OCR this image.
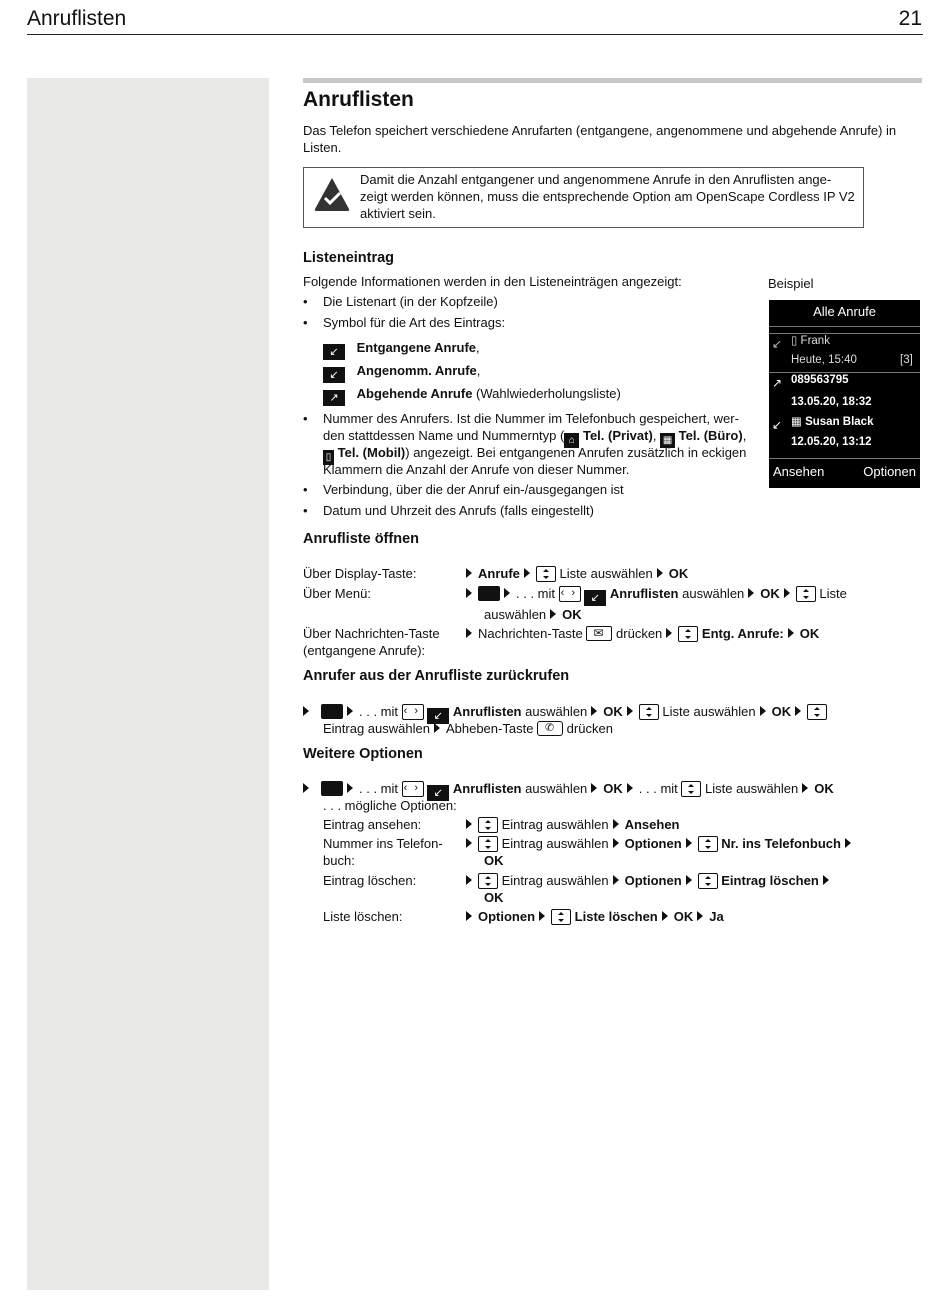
Anruflisten	21
Anruflisten
Das Telefon speichert verschiedene Anrufarten (entgangene, angenommene und abgehende Anrufe) in Listen.
Damit die Anzahl entgangener und angenommene Anrufe in den Anruflisten ange-
zeigt werden können, muss die entsprechende Option am OpenScape Cordless IP V2
aktiviert sein.
Listeneintrag
Folgende Informationen werden in den Listeneinträgen angezeigt:
• Die Listenart (in der Kopfzeile)
• Symbol für die Art des Eintrags:
↙ Entgangene Anrufe,
↙ Angenomm. Anrufe,
↗ Abgehende Anrufe (Wahlwiederholungsliste)
• Nummer des Anrufers. Ist die Nummer im Telefonbuch gespeichert, wer-
den stattdessen Name und Nummerntyp ( ⌂ Tel. (Privat), ▦ Tel. (Büro),
▯ Tel. (Mobil)) angezeigt. Bei entgangenen Anrufen zusätzlich in eckigen
Klammern die Anzahl der Anrufe von dieser Nummer.
• Verbindung, über die der Anruf ein-/ausgegangen ist
• Datum und Uhrzeit des Anrufs (falls eingestellt)
Beispiel
Alle Anrufe
↙ ▯ Frank
Heute, 15:40	[3]
↗ 089563795
13.05.20, 18:32
↙ ▦ Susan Black
12.05.20, 13:12
Ansehen	Optionen
Anrufliste öffnen
Über Display-Taste:	Anrufe	Liste auswählen OK
Über Menü:	. . . mit ‹ ›	↙ Anruflisten auswählen OK	Liste
auswählen OK
Über Nachrichten-Taste
(entgangene Anrufe):
Nachrichten-Taste ✉	drücken	Entg. Anrufe: OK
Anrufer aus der Anrufliste zurückrufen
. . . mit ‹ ›	↙ Anruflisten auswählen OK	Liste auswählen OK
Eintrag auswählen Abheben-Taste ✆	drücken
Weitere Optionen
. . . mit ‹ ›	↙ Anruflisten auswählen OK . . . mit Liste auswählen OK
. . . mögliche Optionen:
Eintrag ansehen:	Eintrag auswählen Ansehen
Nummer ins Telefon-
buch:
Eintrag auswählen Optionen	Nr. ins Telefonbuch
OK
Eintrag löschen:	Eintrag auswählen Optionen	Eintrag löschen
OK
Liste löschen:	Optionen	Liste löschen OK Ja
